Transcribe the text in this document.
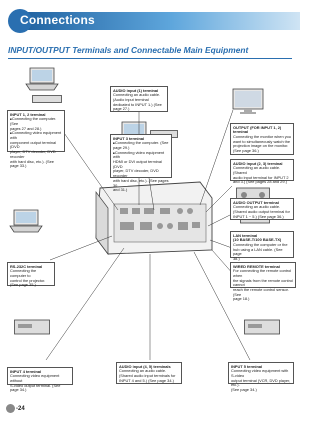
Connections
INPUT/OUTPUT Terminals and Connectable Main Equipment
INPUT 1, 2 terminal
■ Connecting the computer. (See
pages 27 and 28.)
■ Connecting video equipment with
component output terminal (DVD
player, DTV decoder, DVD recorder
with hard disc, etc.). (See page 33.)
AUDIO input (1) terminal
Connecting an audio cable.
(Audio input terminal
dedicated to INPUT 1.) (See
page 27.)
OUTPUT (FOR INPUT 1, 2)
terminal
Connecting the monitor when you
want to simultaneously watch the
projection image on the monitor.
(See page 36.)
INPUT 3 terminal
■ Connecting the computer. (See
page 29.)
■ Connecting video equipment with
HDMI or DVI output terminal (DVD
player, DTV decoder, DVD recorder
with hard disc, etc.). (See pages 30
and 31.)
AUDIO input (2, 3) terminal
Connecting an audio cable. (Shared
audio input terminal for INPUT 2
and 3.) (See pages 28 and 29.)
AUDIO OUTPUT terminal
Connecting an audio cable.
(Shared audio output terminal for
INPUT 1 ~ 5.) (See page 36.)
LAN terminal
(10 BASE-T/100 BASE-TX)
Connecting the computer or the
hub using a LAN cable. (See page
38.)
WIRED REMOTE terminal
For connecting the remote control when
the signals from the remote control cannot
reach the remote control sensor. (See
page 18.)
RS-232C terminal
Connecting the computer to
control the projector.
(See page 35.)
INPUT 4 terminal
Connecting video equipment without
S-video output terminal. (See page 34.)
AUDIO input (4, 5) terminals
Connecting an audio cable.
(Shared audio input terminals for
INPUT 4 and 5.) (See page 34.)
INPUT 5 terminal
Connecting video equipment with S-video
output terminal (VCR, DVD player, etc.).
(See page 34.)
-24
